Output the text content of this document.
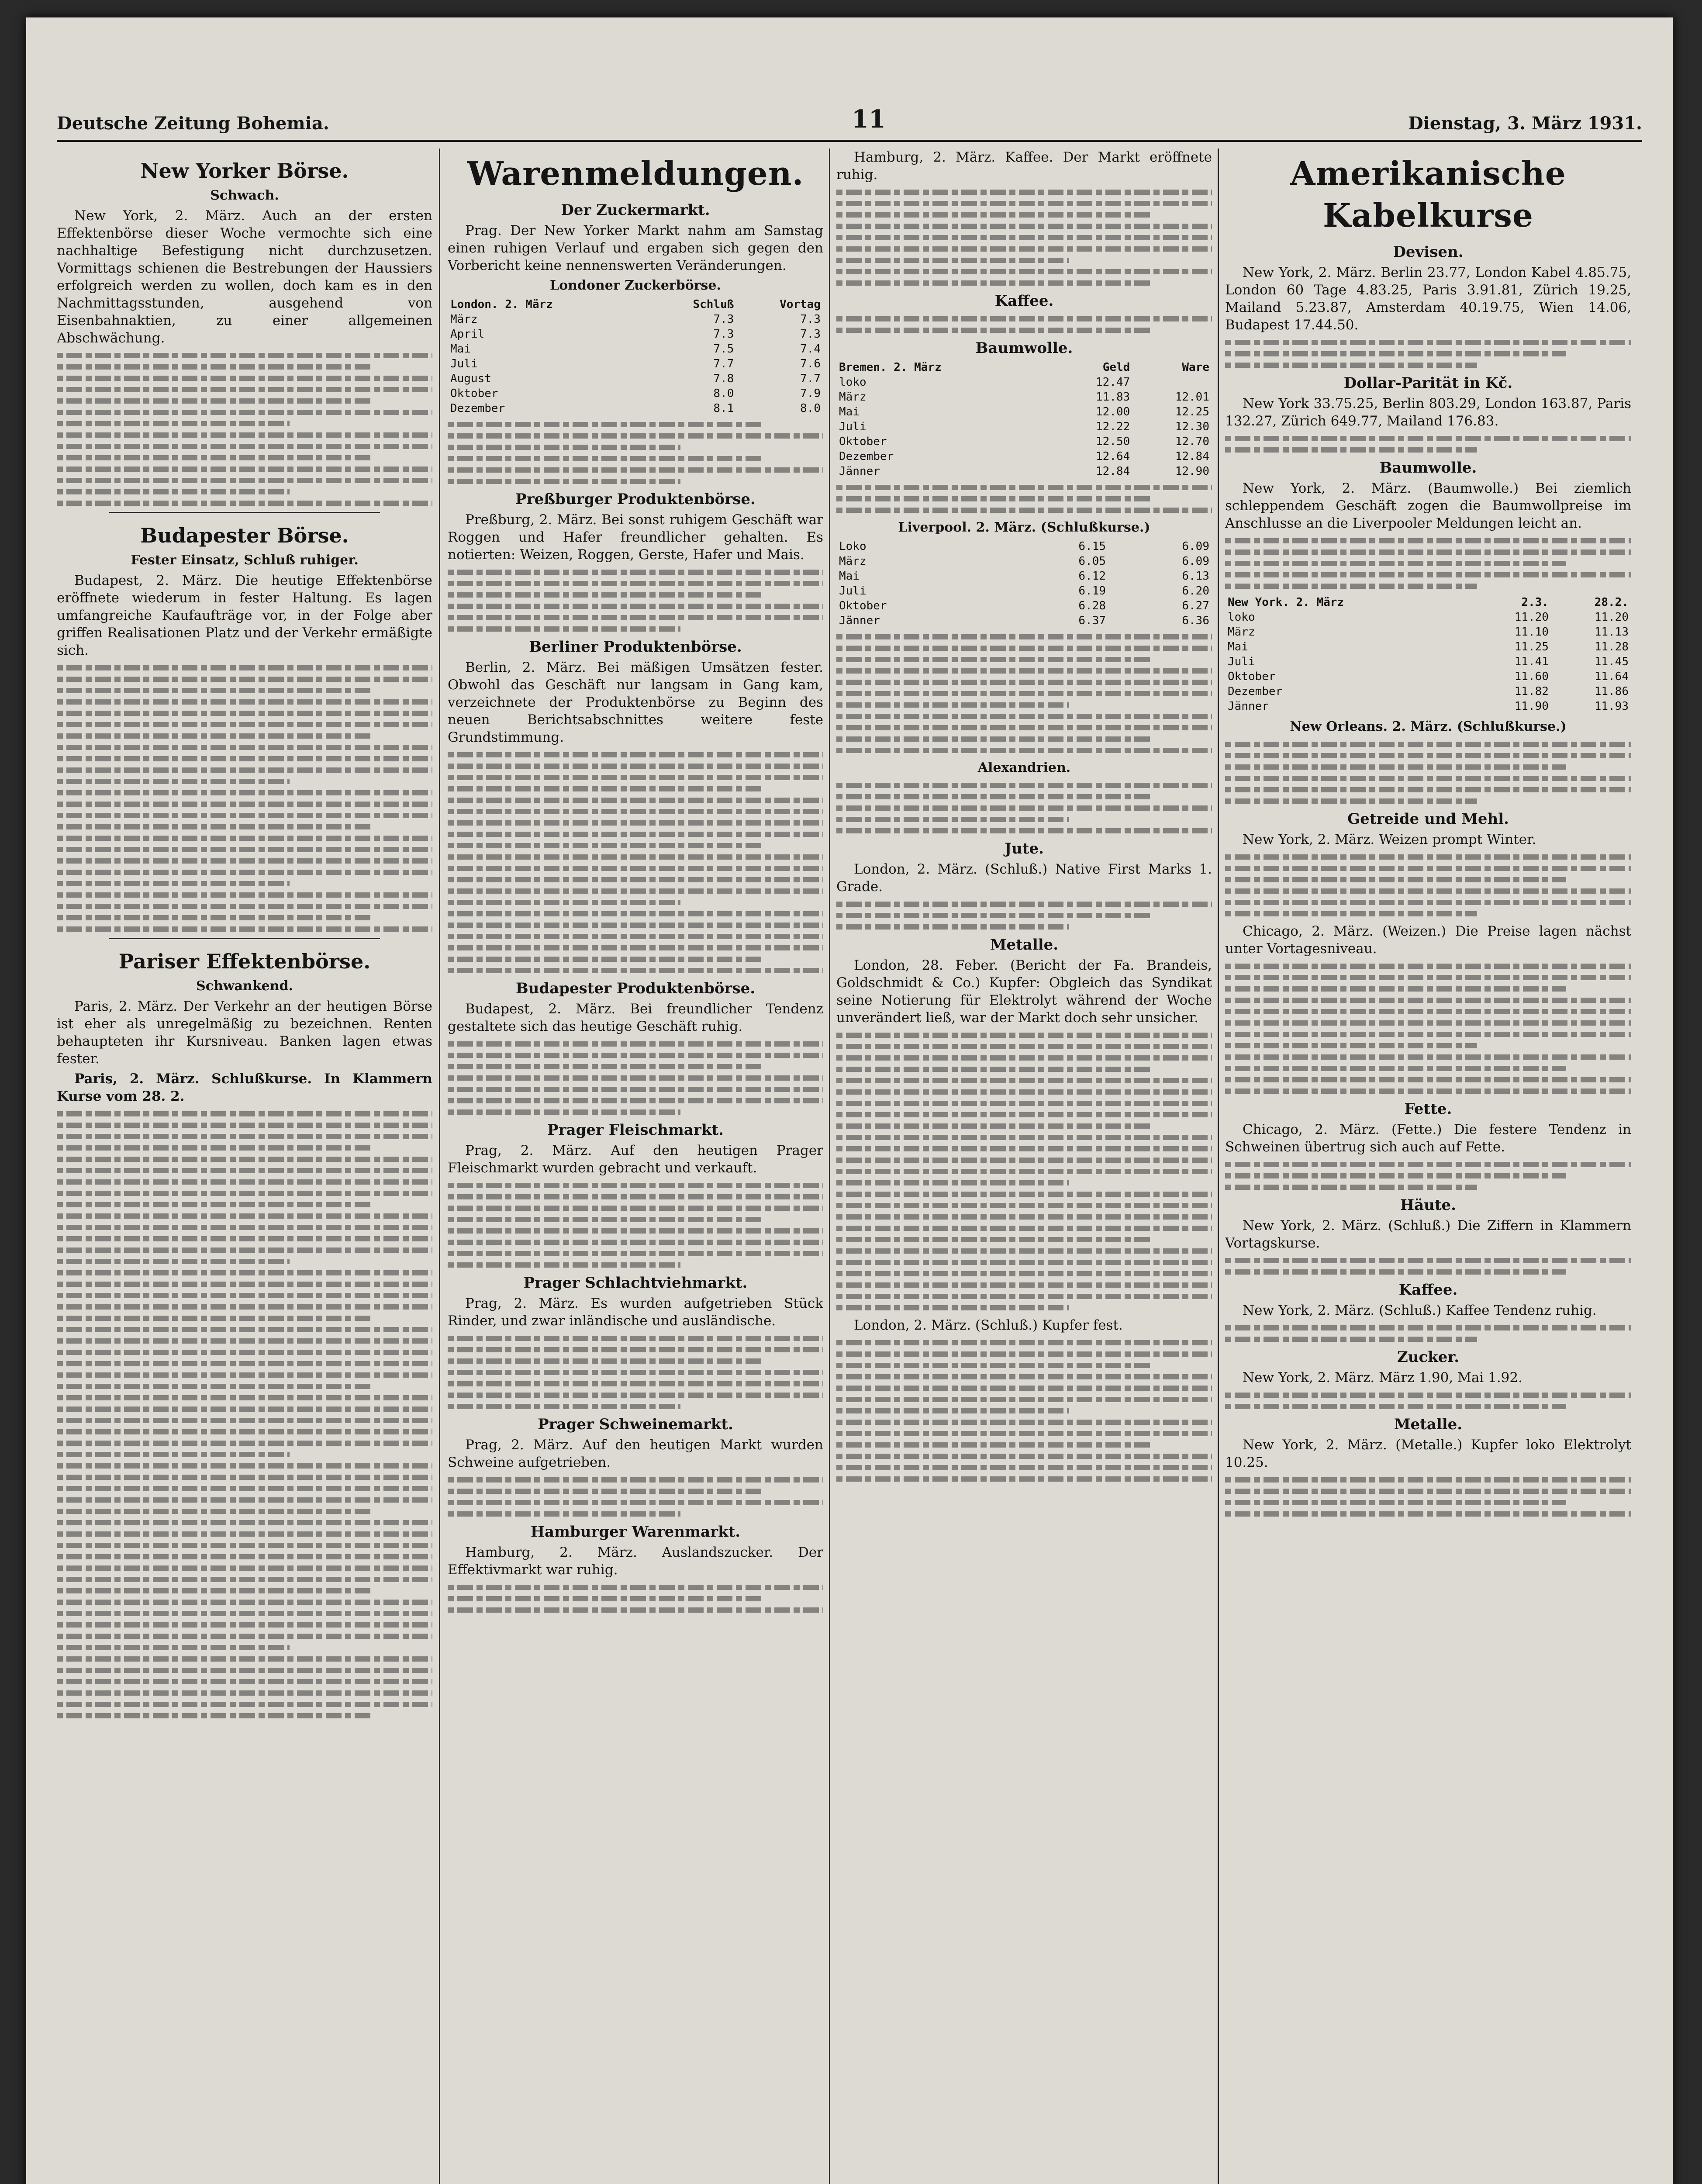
Deutsche Zeitung Bohemia.	11	Dienstag, 3. März 1931.
New Yorker Börse.
Schwach.

New York, 2. März. Auch an der ersten Effektenbörse dieser Woche vermochte sich eine nachhaltige Befestigung nicht durchzusetzen. Vormittags schienen die Bestrebungen der Haussiers erfolgreich werden zu wollen, doch kam es in den Nachmittagsstunden, ausgehend von Eisenbahnaktien, zu einer allgemeinen Abschwächung.

Budapester Börse.
Fester Einsatz, Schluß ruhiger.

Budapest, 2. März. Die heutige Effektenbörse eröffnete wiederum in fester Haltung. Es lagen umfangreiche Kaufaufträge vor, in der Folge aber griffen Realisationen Platz und der Verkehr ermäßigte sich.

Pariser Effektenbörse.
Schwankend.

Paris, 2. März. Der Verkehr an der heutigen Börse ist eher als unregelmäßig zu bezeichnen. Renten behaupteten ihr Kursniveau. Banken lagen etwas fester.

Paris, 2. März. Schlußkurse. In Klammern Kurse vom 28. 2.

Warenmeldungen.
Der Zuckermarkt.

Prag. Der New Yorker Markt nahm am Samstag einen ruhigen Verlauf und ergaben sich gegen den Vorbericht keine nennenswerten Veränderungen.

Londoner Zuckerbörse.
London. 2. März	Schluß	Vortag
März	7.3	7.3
April	7.3	7.3
Mai	7.5	7.4
Juli	7.7	7.6
August	7.8	7.7
Oktober	8.0	7.9
Dezember	8.1	8.0
Preßburger Produktenbörse.

Preßburg, 2. März. Bei sonst ruhigem Geschäft war Roggen und Hafer freundlicher gehalten. Es notierten: Weizen, Roggen, Gerste, Hafer und Mais.

Berliner Produktenbörse.

Berlin, 2. März. Bei mäßigen Umsätzen fester. Obwohl das Geschäft nur langsam in Gang kam, verzeichnete der Produktenbörse zu Beginn des neuen Berichtsabschnittes weitere feste Grundstimmung.

Budapester Produktenbörse.

Budapest, 2. März. Bei freundlicher Tendenz gestaltete sich das heutige Geschäft ruhig.

Prager Fleischmarkt.

Prag, 2. März. Auf den heutigen Prager Fleischmarkt wurden gebracht und verkauft.

Prager Schlachtviehmarkt.

Prag, 2. März. Es wurden aufgetrieben Stück Rinder, und zwar inländische und ausländische.

Prager Schweinemarkt.

Prag, 2. März. Auf den heutigen Markt wurden Schweine aufgetrieben.

Hamburger Warenmarkt.

Hamburg, 2. März. Auslandszucker. Der Effektivmarkt war ruhig.

Hamburg, 2. März. Kaffee. Der Markt eröffnete ruhig.

Kaffee.
Baumwolle.
Bremen. 2. März	Geld	Ware
loko	12.47	
März	11.83	12.01
Mai	12.00	12.25
Juli	12.22	12.30
Oktober	12.50	12.70
Dezember	12.64	12.84
Jänner	12.84	12.90
Liverpool. 2. März. (Schlußkurse.)
Loko	6.15	6.09
März	6.05	6.09
Mai	6.12	6.13
Juli	6.19	6.20
Oktober	6.28	6.27
Jänner	6.37	6.36
Alexandrien.
Jute.

London, 2. März. (Schluß.) Native First Marks 1. Grade.

Metalle.

London, 28. Feber. (Bericht der Fa. Brandeis, Goldschmidt & Co.) Kupfer: Obgleich das Syndikat seine Notierung für Elektrolyt während der Woche unverändert ließ, war der Markt doch sehr unsicher.

London, 2. März. (Schluß.) Kupfer fest.

Amerikanische Kabelkurse
Devisen.

New York, 2. März. Berlin 23.77, London Kabel 4.85.75, London 60 Tage 4.83.25, Paris 3.91.81, Zürich 19.25, Mailand 5.23.87, Amsterdam 40.19.75, Wien 14.06, Budapest 17.44.50.

Dollar-Parität in Kč.

New York 33.75.25, Berlin 803.29, London 163.87, Paris 132.27, Zürich 649.77, Mailand 176.83.

Baumwolle.

New York, 2. März. (Baumwolle.) Bei ziemlich schleppendem Geschäft zogen die Baumwollpreise im Anschlusse an die Liverpooler Meldungen leicht an.

New York. 2. März	2.3.	28.2.
loko	11.20	11.20
März	11.10	11.13
Mai	11.25	11.28
Juli	11.41	11.45
Oktober	11.60	11.64
Dezember	11.82	11.86
Jänner	11.90	11.93
New Orleans. 2. März. (Schlußkurse.)
Getreide und Mehl.

New York, 2. März. Weizen prompt Winter.

Chicago, 2. März. (Weizen.) Die Preise lagen nächst unter Vortagesniveau.

Fette.

Chicago, 2. März. (Fette.) Die festere Tendenz in Schweinen übertrug sich auch auf Fette.

Häute.

New York, 2. März. (Schluß.) Die Ziffern in Klammern Vortagskurse.

Kaffee.

New York, 2. März. (Schluß.) Kaffee Tendenz ruhig.

Zucker.

New York, 2. März. März 1.90, Mai 1.92.

Metalle.

New York, 2. März. (Metalle.) Kupfer loko Elektrolyt 10.25.
